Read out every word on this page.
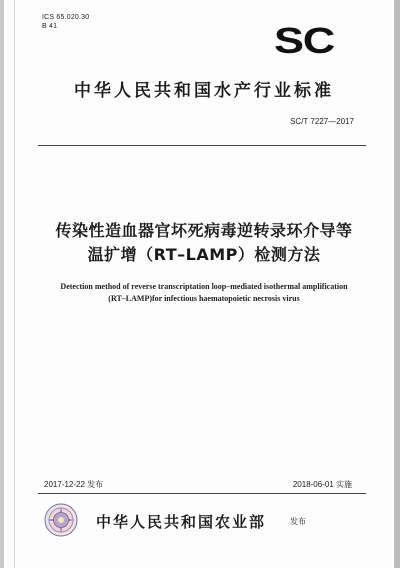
ICS 65.020.30
B 41	SC
中华人民共和国水产行业标准
SC/T 7227—2017
传染性造血器官坏死病毒逆转录环介导等
温扩增（RT–LAMP）检测方法
Detection method of reverse transcriptation loop–mediated isothermal amplification
(RT–LAMP)for infectious haematopoietic necrosis virus
2017-12-22 发布	2018-06-01 实施
中华人民共和国农业部	发布
